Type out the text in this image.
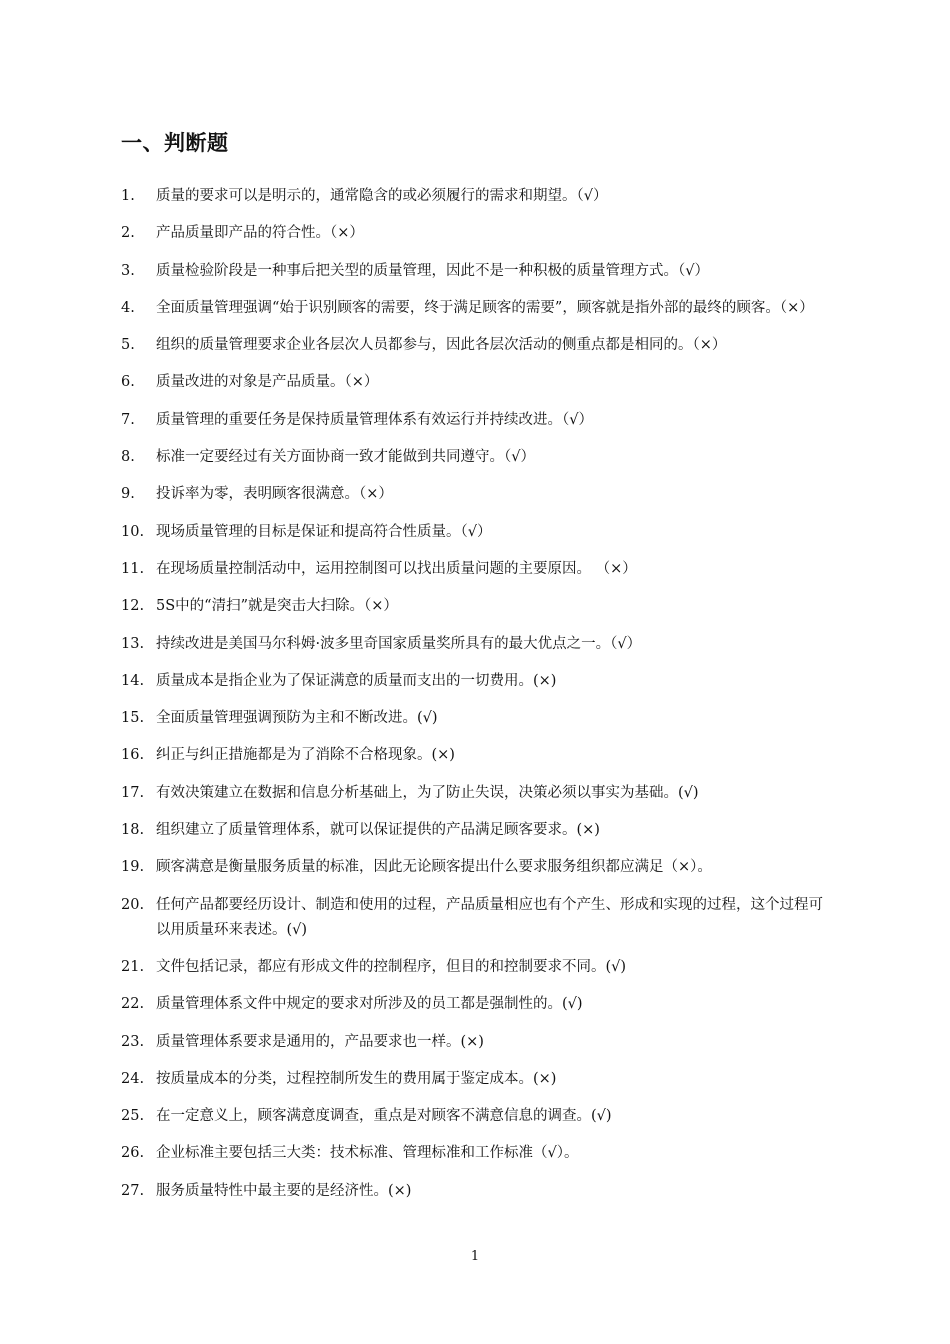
一、判断题
1.	质量的要求可以是明示的，通常隐含的或必须履行的需求和期望。（√）
2.	产品质量即产品的符合性。（×）
3.	质量检验阶段是一种事后把关型的质量管理，因此不是一种积极的质量管理方式。（√）
4.	全面质量管理强调“始于识别顾客的需要，终于满足顾客的需要”，顾客就是指外部的最终的顾客。（×）
5.	组织的质量管理要求企业各层次人员都参与，因此各层次活动的侧重点都是相同的。（×）
6.	质量改进的对象是产品质量。（×）
7.	质量管理的重要任务是保持质量管理体系有效运行并持续改进。（√）
8.	标准一定要经过有关方面协商一致才能做到共同遵守。（√）
9.	投诉率为零，表明顾客很满意。（×）
10. 现场质量管理的目标是保证和提高符合性质量。（√）
11. 在现场质量控制活动中，运用控制图可以找出质量问题的主要原因。 （×）
12. 5S中的“清扫”就是突击大扫除。（×）
13. 持续改进是美国马尔科姆·波多里奇国家质量奖所具有的最大优点之一。（√）
14. 质量成本是指企业为了保证满意的质量而支出的一切费用。(×)
15. 全面质量管理强调预防为主和不断改进。(√)
16. 纠正与纠正措施都是为了消除不合格现象。(×)
17. 有效决策建立在数据和信息分析基础上，为了防止失误，决策必须以事实为基础。(√)
18. 组织建立了质量管理体系，就可以保证提供的产品满足顾客要求。(×)
19. 顾客满意是衡量服务质量的标准，因此无论顾客提出什么要求服务组织都应满足（×）。
20. 任何产品都要经历设计、制造和使用的过程，产品质量相应也有个产生、形成和实现的过程，这个过程可以用质量环来表述。(√)
21. 文件包括记录，都应有形成文件的控制程序，但目的和控制要求不同。(√)
22. 质量管理体系文件中规定的要求对所涉及的员工都是强制性的。(√)
23. 质量管理体系要求是通用的，产品要求也一样。(×)
24. 按质量成本的分类，过程控制所发生的费用属于鉴定成本。(×)
25. 在一定意义上，顾客满意度调查，重点是对顾客不满意信息的调查。(√)
26. 企业标准主要包括三大类：技术标准、管理标准和工作标准（√）。
27. 服务质量特性中最主要的是经济性。(×)
1
